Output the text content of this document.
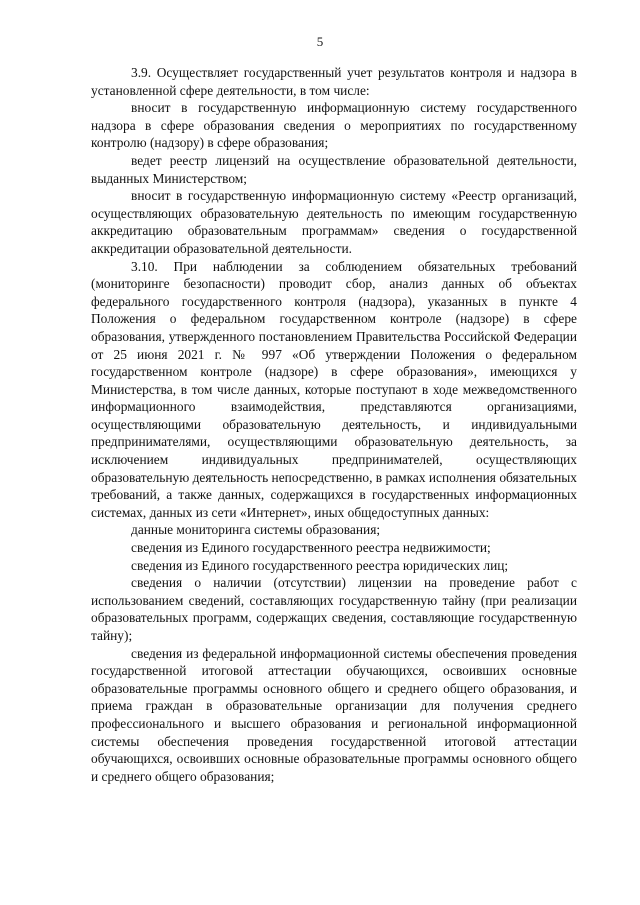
5

3.9. Осуществляет государственный учет результатов контроля и надзора в установленной сфере деятельности, в том числе:

вносит в государственную информационную систему государственного надзора в сфере образования сведения о мероприятиях по государственному контролю (надзору) в сфере образования;

ведет реестр лицензий на осуществление образовательной деятельности, выданных Министерством;

вносит в государственную информационную систему «Реестр организаций, осуществляющих образовательную деятельность по имеющим государственную аккредитацию образовательным программам» сведения о государственной аккредитации образовательной деятельности.

3.10. При наблюдении за соблюдением обязательных требований (мониторинге безопасности) проводит сбор, анализ данных об объектах федерального государственного контроля (надзора), указанных в пункте 4 Положения о федеральном государственном контроле (надзоре) в сфере образования, утвержденного постановлением Правительства Российской Федерации от 25 июня 2021 г. № 997 «Об утверждении Положения о федеральном государственном контроле (надзоре) в сфере образования», имеющихся у Министерства, в том числе данных, которые поступают в ходе межведомственного информационного взаимодействия, представляются организациями, осуществляющими образовательную деятельность, и индивидуальными предпринимателями, осуществляющими образовательную деятельность, за исключением индивидуальных предпринимателей, осуществляющих образовательную деятельность непосредственно, в рамках исполнения обязательных требований, а также данных, содержащихся в государственных информационных системах, данных из сети «Интернет», иных общедоступных данных:

данные мониторинга системы образования;

сведения из Единого государственного реестра недвижимости;

сведения из Единого государственного реестра юридических лиц;

сведения о наличии (отсутствии) лицензии на проведение работ с использованием сведений, составляющих государственную тайну (при реализации образовательных программ, содержащих сведения, составляющие государственную тайну);

сведения из федеральной информационной системы обеспечения проведения государственной итоговой аттестации обучающихся, освоивших основные образовательные программы основного общего и среднего общего образования, и приема граждан в образовательные организации для получения среднего профессионального и высшего образования и региональной информационной системы обеспечения проведения государственной итоговой аттестации обучающихся, освоивших основные образовательные программы основного общего и среднего общего образования;
